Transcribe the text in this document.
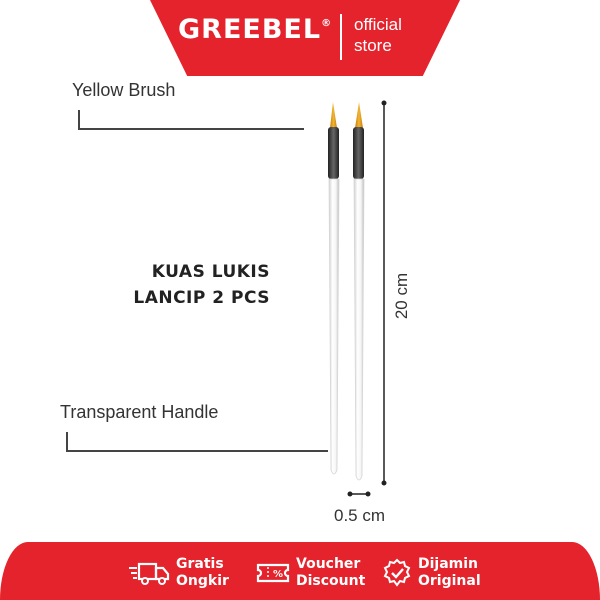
GREEBEL® official
store
Yellow Brush
KUAS LUKIS
LANCIP 2 PCS
Transparent Handle
20 cm
0.5 cm
Gratis
Ongkir	%
Voucher
Discount
Dijamin
Original
